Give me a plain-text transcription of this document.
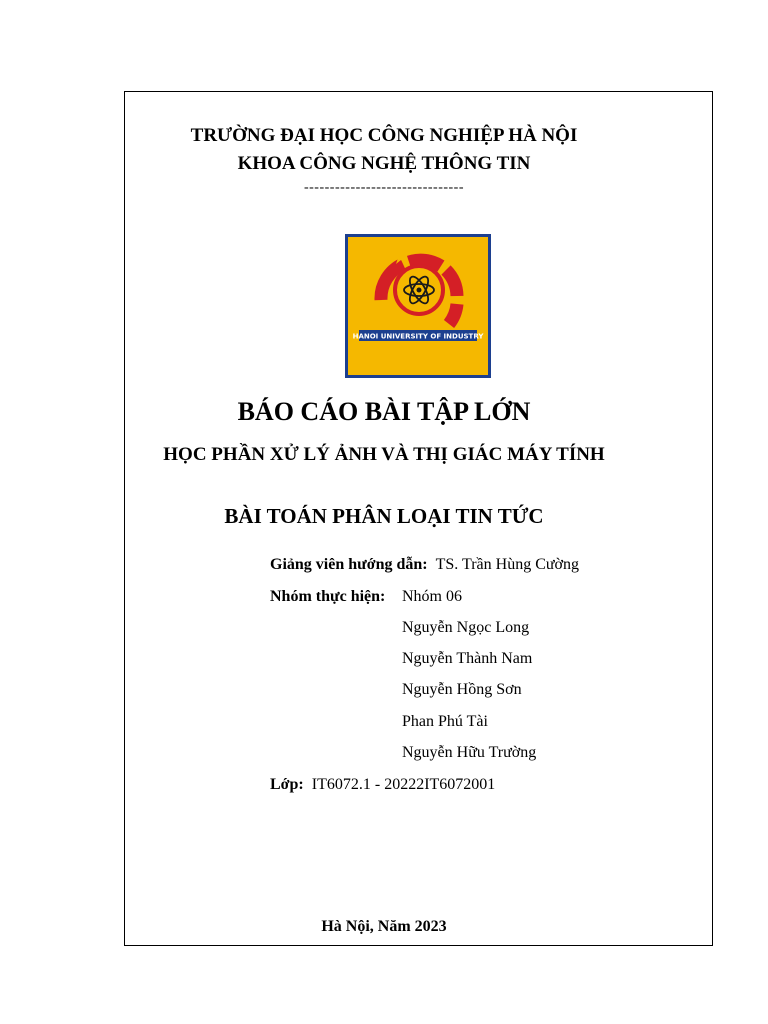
TRƯỜNG ĐẠI HỌC CÔNG NGHIỆP HÀ NỘI
KHOA CÔNG NGHỆ THÔNG TIN
-------------------------------
HANOI UNIVERSITY OF INDUSTRY
BÁO CÁO BÀI TẬP LỚN
HỌC PHẦN XỬ LÝ ẢNH VÀ THỊ GIÁC MÁY TÍNH
BÀI TOÁN PHÂN LOẠI TIN TỨC
Giảng viên hướng dẫn: TS. Trần Hùng Cường
Nhóm thực hiện: Nhóm 06
Nguyễn Ngọc Long
Nguyễn Thành Nam
Nguyễn Hồng Sơn
Phan Phú Tài
Nguyễn Hữu Trường
Lớp: IT6072.1 - 20222IT6072001
Hà Nội, Năm 2023
